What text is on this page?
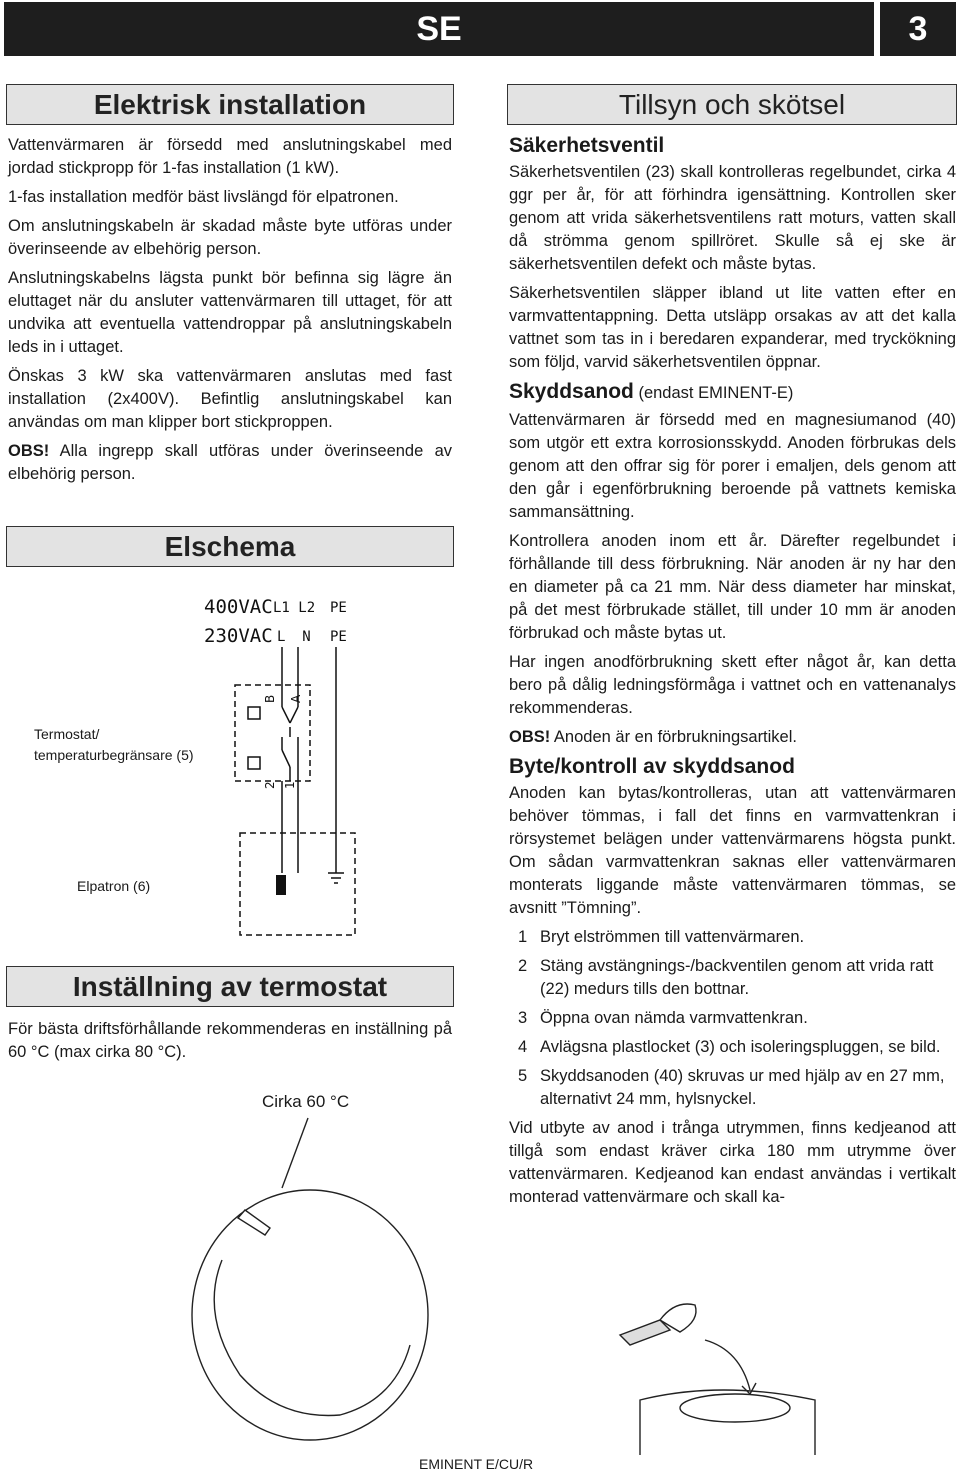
SE	3
Elektrisk installation

Vattenvärmaren är försedd med anslutningskabel med jordad stickpropp för 1-fas installation (1 kW).

1-fas installation medför bäst livslängd för elpatronen.

Om anslutningskabeln är skadad måste byte utföras under överinseende av elbehörig person.

Anslutningskabelns lägsta punkt bör befinna sig lägre än eluttaget när du ansluter vattenvärmaren till uttaget, för att undvika att eventuella vattendroppar på anslutningskabeln leds in i uttaget.

Önskas 3 kW ska vattenvärmaren anslutas med fast installation (2x400V). Befintlig anslutningskabel kan användas om man klipper bort stickproppen.

OBS! Alla ingrepp skall utföras under överinseende av elbehörig person.

Elschema
400VAC L1 L2 PE
230VAC L  N PE
B A
2 1
Termostat/
temperaturbegränsare (5)
Elpatron (6)
Inställning av termostat
För bästa driftsförhållande rekommenderas en inställning på 60 °C (max cirka 80 °C).
Cirka 60 °C
Tillsyn och skötsel
Säkerhetsventil

Säkerhetsventilen (23) skall kontrolleras regelbundet, cirka 4 ggr per år, för att förhindra igensättning. Kontrollen sker genom att vrida säkerhetsventilens ratt moturs, vatten skall då strömma genom spillröret. Skulle så ej ske är säkerhetsventilen defekt och måste bytas.

Säkerhetsventilen släpper ibland ut lite vatten efter en varmvattentappning. Detta utsläpp orsakas av att det kalla vattnet som tas in i beredaren expanderar, med tryckökning som följd, varvid säkerhetsventilen öppnar.

Skyddsanod (endast EMINENT-E)

Vattenvärmaren är försedd med en magnesiumanod (40) som utgör ett extra korrosionsskydd. Anoden förbrukas dels genom att den offrar sig för porer i emaljen, dels genom att den går i egenförbrukning beroende på vattnets kemiska sammansättning.

Kontrollera anoden inom ett år. Därefter regelbundet i förhållande till dess förbrukning. När anoden är ny har den en diameter på ca 21 mm. När dess diameter har minskat, på det mest förbrukade stället, till under 10 mm är anoden förbrukad och måste bytas ut.

Har ingen anodförbrukning skett efter något år, kan detta bero på dålig ledningsförmåga i vattnet och en vattenanalys rekommenderas.

OBS! Anoden är en förbrukningsartikel.

Byte/kontroll av skyddsanod

Anoden kan bytas/kontrolleras, utan att vattenvärmaren behöver tömmas, i fall det finns en varmvattenkran i rörsystemet belägen under vattenvärmarens högsta punkt. Om sådan varmvattenkran saknas eller vattenvärmaren monterats liggande måste vattenvärmaren tömmas, se avsnitt ”Tömning”.

1 Bryt elströmmen till vattenvärmaren.
2 Stäng avstängnings-/backventilen genom att vrida ratt (22) medurs tills den bottnar.
3 Öppna ovan nämda varmvattenkran.
4 Avlägsna plastlocket (3) och isoleringspluggen, se bild.
5 Skyddsanoden (40) skruvas ur med hjälp av en 27 mm, alternativt 24 mm, hylsnyckel.

Vid utbyte av anod i trånga utrymmen, finns kedjeanod att tillgå som endast kräver cirka 180 mm utrymme över vattenvärmaren. Kedjeanod kan endast användas i vertikalt monterad vattenvärmare och skall ka-

EMINENT E/CU/R
